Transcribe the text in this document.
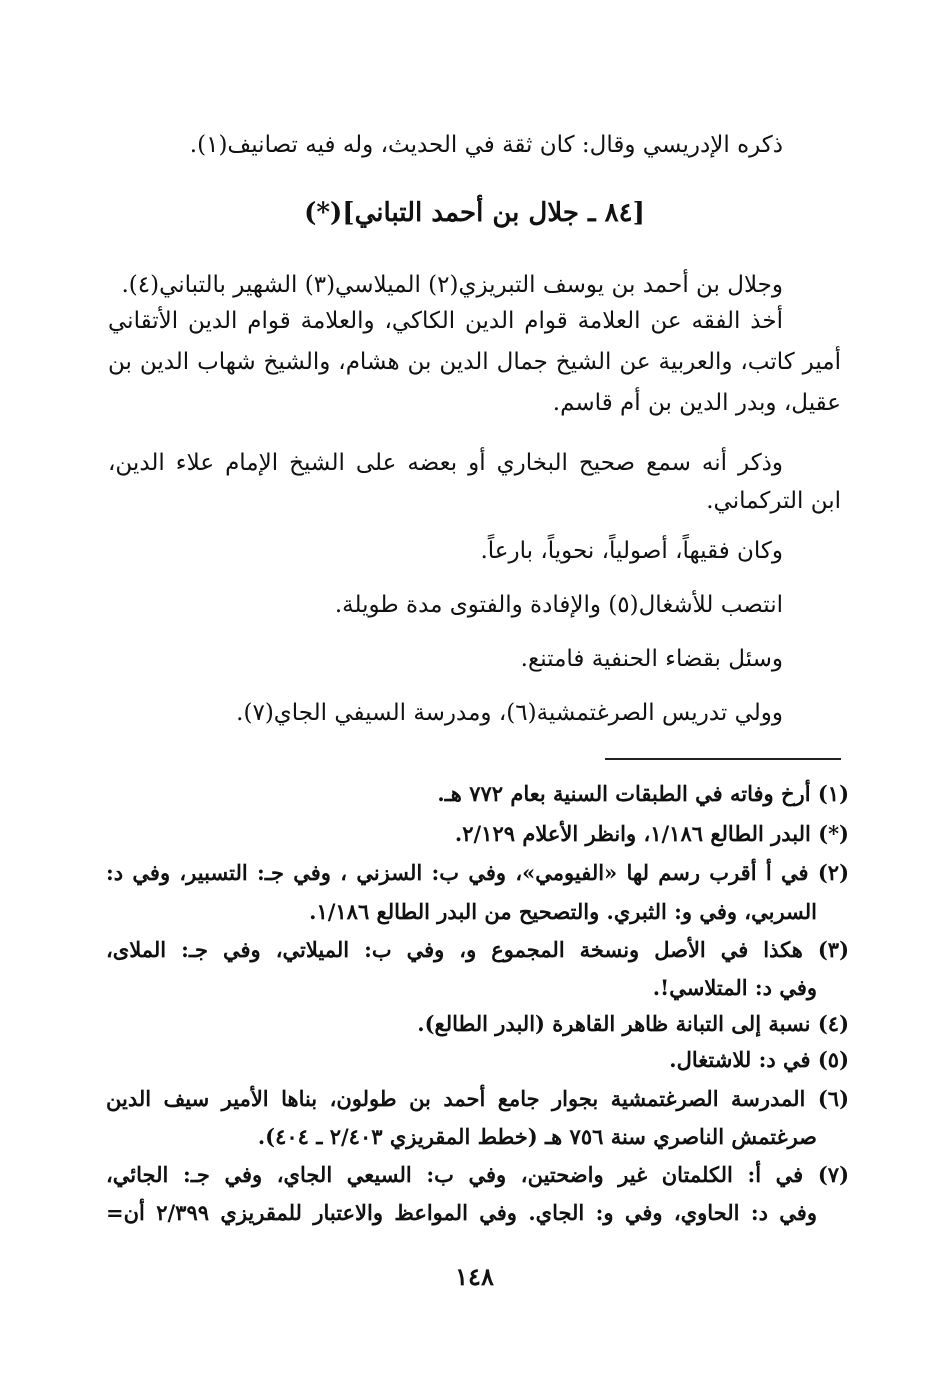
ذكره الإدريسي وقال: كان ثقة في الحديث، وله فيه تصانيف(١).
[٨٤ ـ جلال بن أحمد التباني](*)
وجلال بن أحمد بن يوسف التبريزي(٢) الميلاسي(٣) الشهير بالتباني(٤).
أخذ الفقه عن العلامة قوام الدين الكاكي، والعلامة قوام الدين الأتقاني
أمير كاتب، والعربية عن الشيخ جمال الدين بن هشام، والشيخ شهاب الدين بن
عقيل، وبدر الدين بن أم قاسم.
وذكر أنه سمع صحيح البخاري أو بعضه على الشيخ الإمام علاء الدين،
ابن التركماني.
وكان فقيهاً، أصولياً، نحوياً، بارعاً.
انتصب للأشغال(٥) والإفادة والفتوى مدة طويلة.
وسئل بقضاء الحنفية فامتنع.
وولي تدريس الصرغتمشية(٦)، ومدرسة السيفي الجاي(٧).
(١) أرخ وفاته في الطبقات السنية بعام ٧٧٢ هـ.
(*) البدر الطالع ١/١٨٦، وانظر الأعلام ٢/١٢٩.
(٢) في أ أقرب رسم لها «الفيومي»، وفي ب: السزني ، وفي جـ: التسبير، وفي د:
السربي، وفي و: الثبري. والتصحيح من البدر الطالع ١/١٨٦.
(٣) هكذا في الأصل ونسخة المجموع و، وفي ب: الميلاتي، وفي جـ: الملاى،
وفي د: المتلاسي!.
(٤) نسبة إلى التبانة ظاهر القاهرة (البدر الطالع).
(٥) في د: للاشتغال.
(٦) المدرسة الصرغتمشية بجوار جامع أحمد بن طولون، بناها الأمير سيف الدين
صرغتمش الناصري سنة ٧٥٦ هـ (خطط المقريزي ٢/٤٠٣ ـ ٤٠٤).
(٧) في أ: الكلمتان غير واضحتين، وفي ب: السيعي الجاي، وفي جـ: الجائي،
وفي د: الحاوي، وفي و: الجاي. وفي المواعظ والاعتبار للمقريزي ٢/٣٩٩ أن=
١٤٨
